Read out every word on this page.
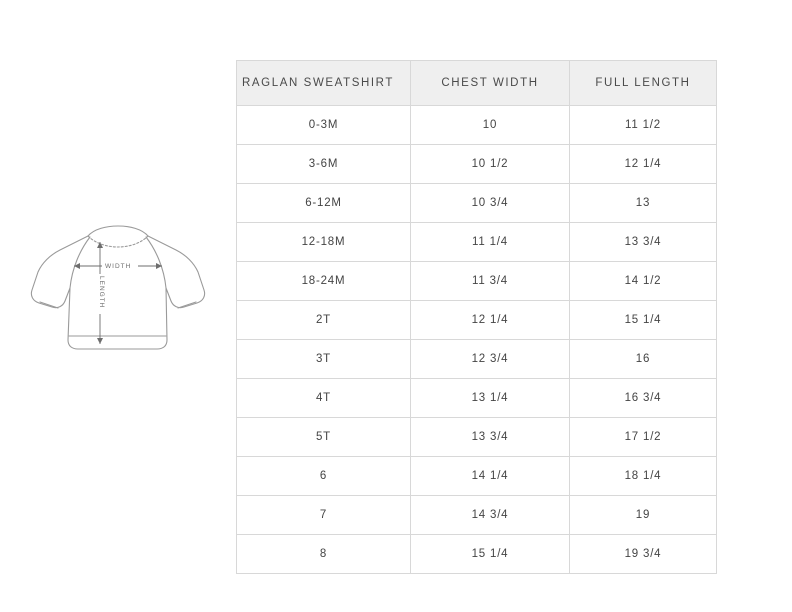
WIDTH
LENGTH
RAGLAN SWEATSHIRT	CHEST WIDTH	FULL LENGTH
0-3M	10	11 1/2
3-6M	10 1/2	12 1/4
6-12M	10 3/4	13
12-18M	11 1/4	13 3/4
18-24M	11 3/4	14 1/2
2T	12 1/4	15 1/4
3T	12 3/4	16
4T	13 1/4	16 3/4
5T	13 3/4	17 1/2
6	14 1/4	18 1/4
7	14 3/4	19
8	15 1/4	19 3/4
